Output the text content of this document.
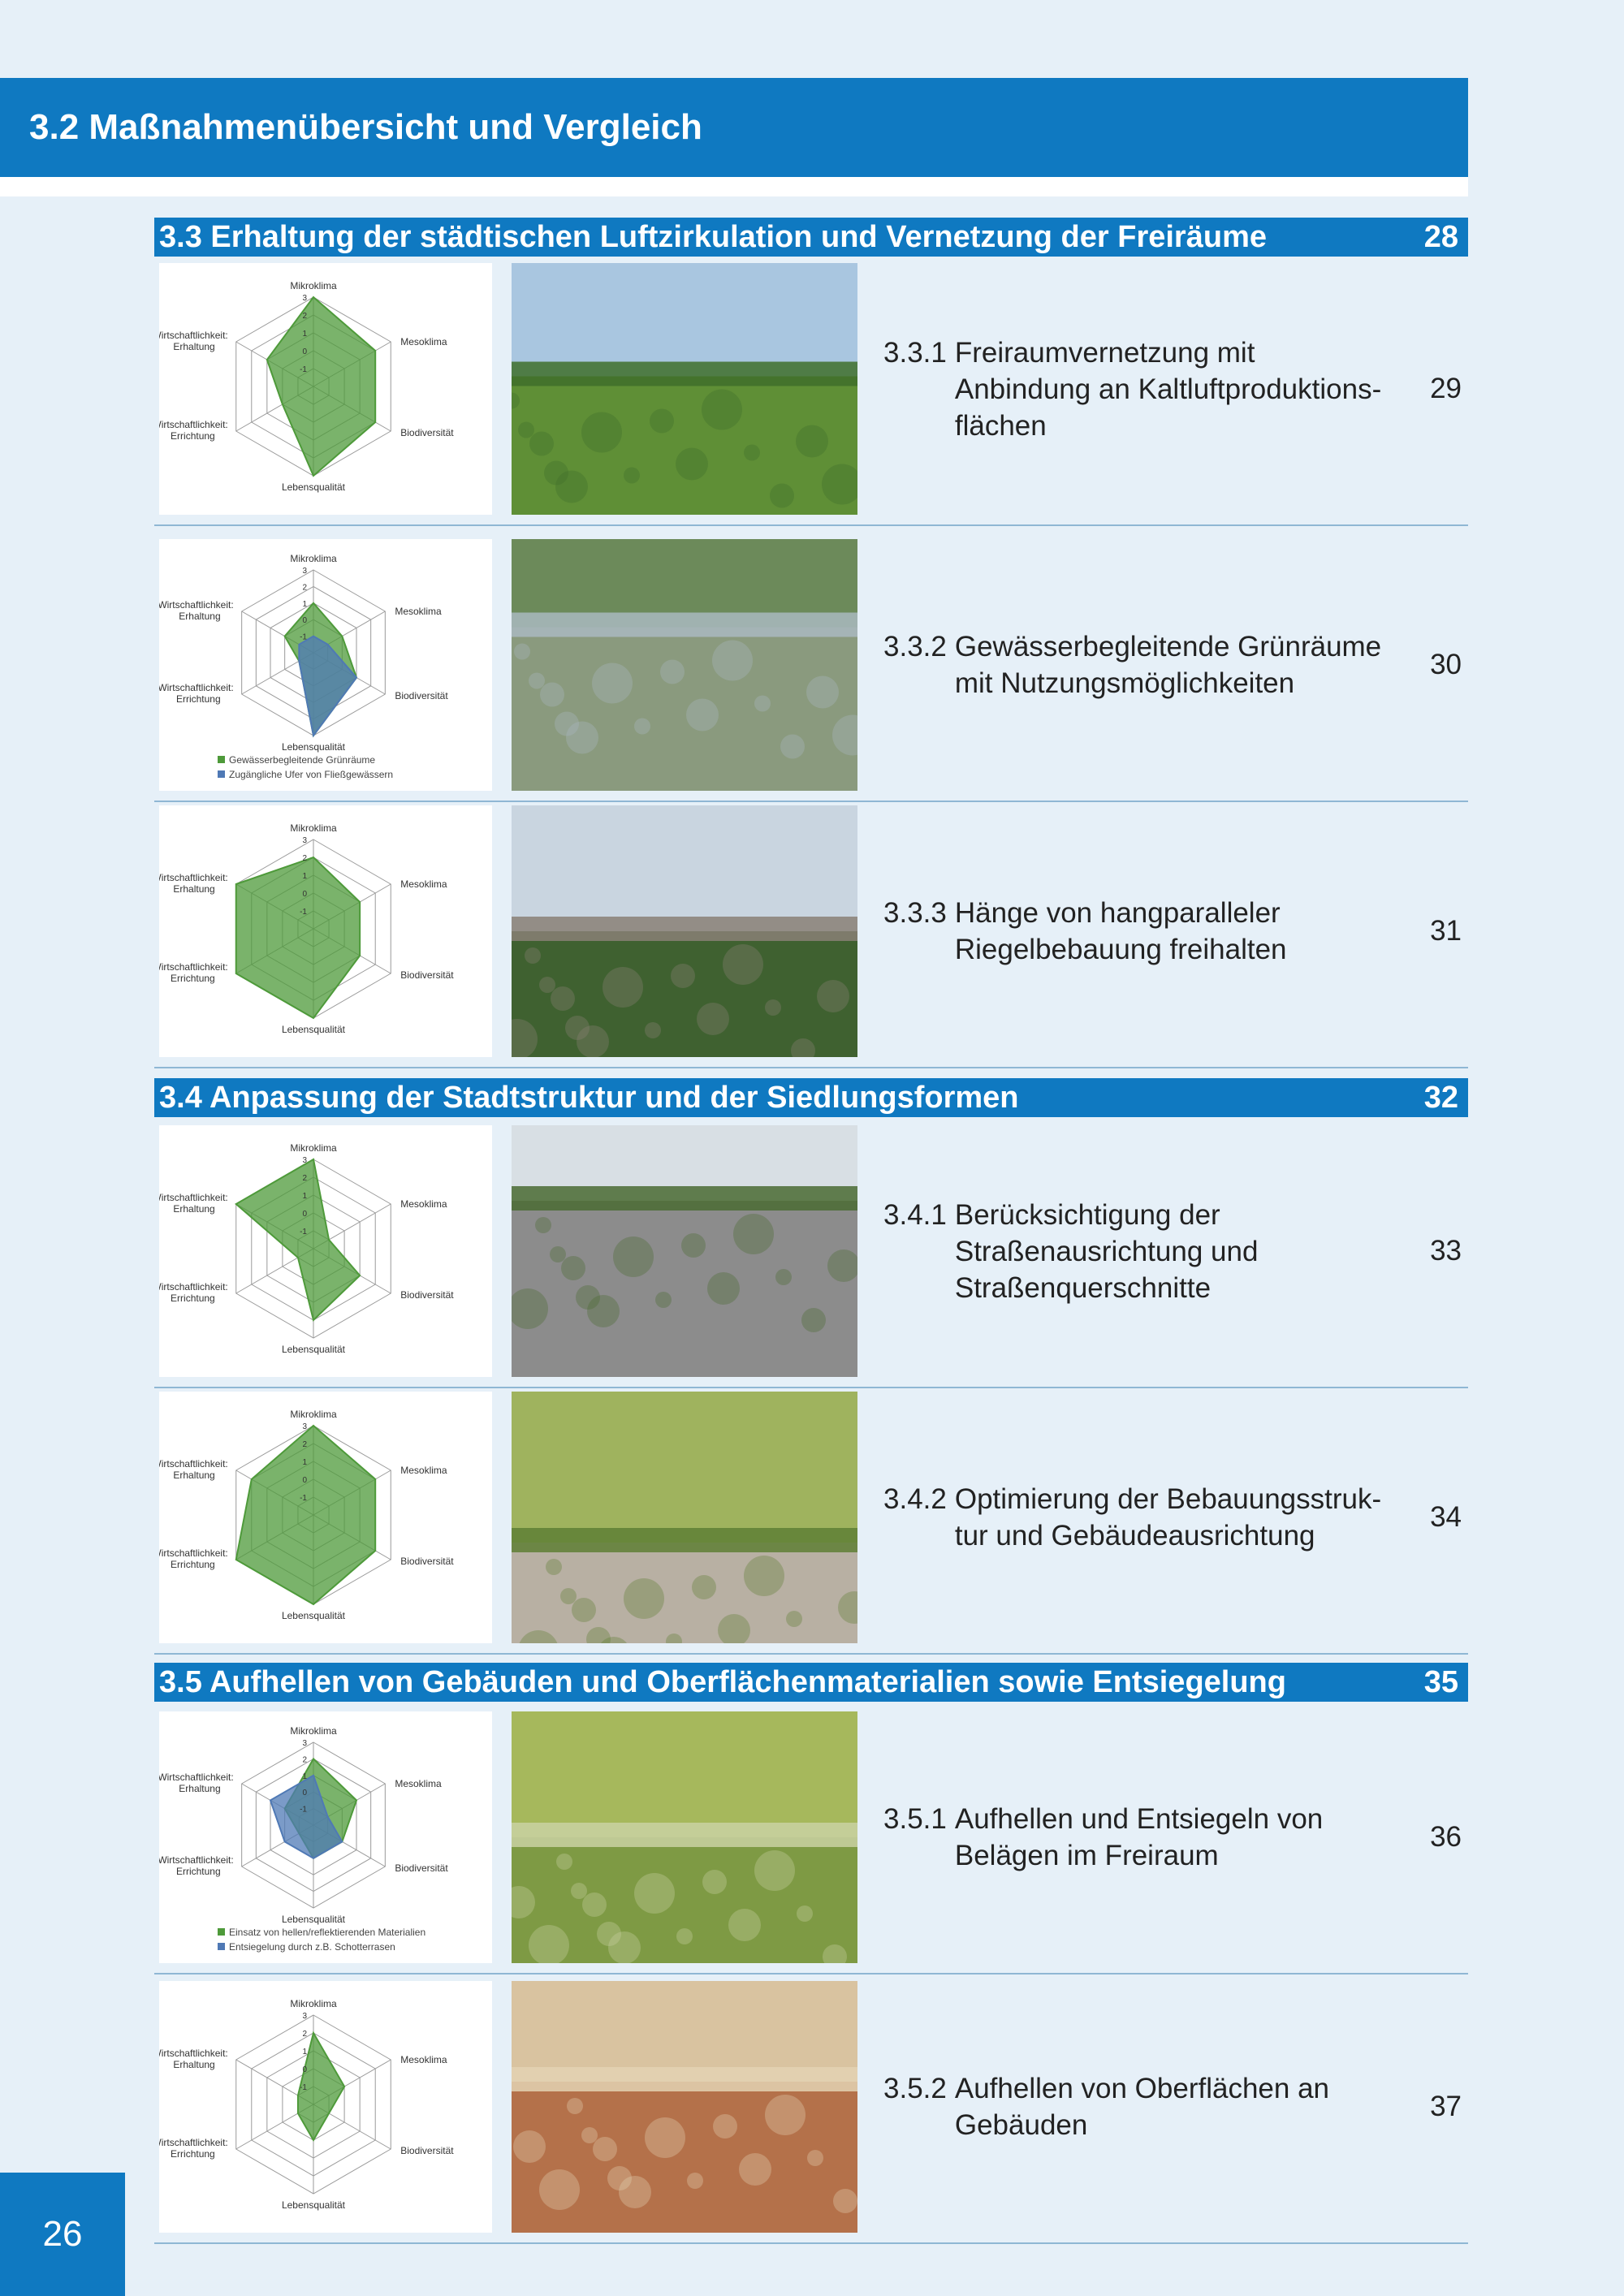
3.2 Maßnahmenübersicht und Vergleich
3.3 Erhaltung der städtischen Luftzirkulation und Vernetzung der Freiräume	28
3
2
1
0
-1
Mikroklima
Mesoklima
Biodiversität
Lebensqualität
Wirtschaftlichkeit: Errichtung
Wirtschaftlichkeit: Erhaltung	3.3.1 Freiraumvernetzung mit
Anbindung an Kaltluftproduktions-
flächen
29
3
2
1
0
-1
Mikroklima
Mesoklima
Biodiversität
Lebensqualität
Wirtschaftlichkeit: Errichtung
Wirtschaftlichkeit: Erhaltung
Gewässerbegleitende Grünräume
Zugängliche Ufer von Fließgewässern
3.3.2 Gewässerbegleitende Grünräume
mit Nutzungsmöglichkeiten
30
3
2
1
0
-1
Mikroklima
Mesoklima
Biodiversität
Lebensqualität
Wirtschaftlichkeit: Errichtung
Wirtschaftlichkeit: Erhaltung
3.3.3 Hänge von hangparalleler
Riegelbebauung freihalten
31
3.4 Anpassung der Stadtstruktur und der Siedlungsformen	32
3
2
1
0
-1
Mikroklima
Mesoklima
Biodiversität
Lebensqualität
Wirtschaftlichkeit: Errichtung
Wirtschaftlichkeit: Erhaltung	3.4.1 Berücksichtigung der
Straßenausrichtung und
Straßenquerschnitte
33
3
2
1
0
-1
Mikroklima
Mesoklima
Biodiversität
Lebensqualität
Wirtschaftlichkeit: Errichtung
Wirtschaftlichkeit: Erhaltung
3.4.2 Optimierung der Bebauungsstruk-
tur und Gebäudeausrichtung
34
3.5 Aufhellen von Gebäuden und Oberflächenmaterialien sowie Entsiegelung	35
3
2
1
0
-1
Mikroklima
Mesoklima
Biodiversität
Lebensqualität
Wirtschaftlichkeit: Errichtung
Wirtschaftlichkeit: Erhaltung
Einsatz von hellen/reflektierenden Materialien
Entsiegelung durch z.B. Schotterrasen
3.5.1 Aufhellen und Entsiegeln von
Belägen im Freiraum
36
3
2
1
0
-1
Mikroklima
Mesoklima
Biodiversität
Lebensqualität
Wirtschaftlichkeit: Errichtung
Wirtschaftlichkeit: Erhaltung
3.5.2 Aufhellen von Oberflächen an
Gebäuden
37
26
